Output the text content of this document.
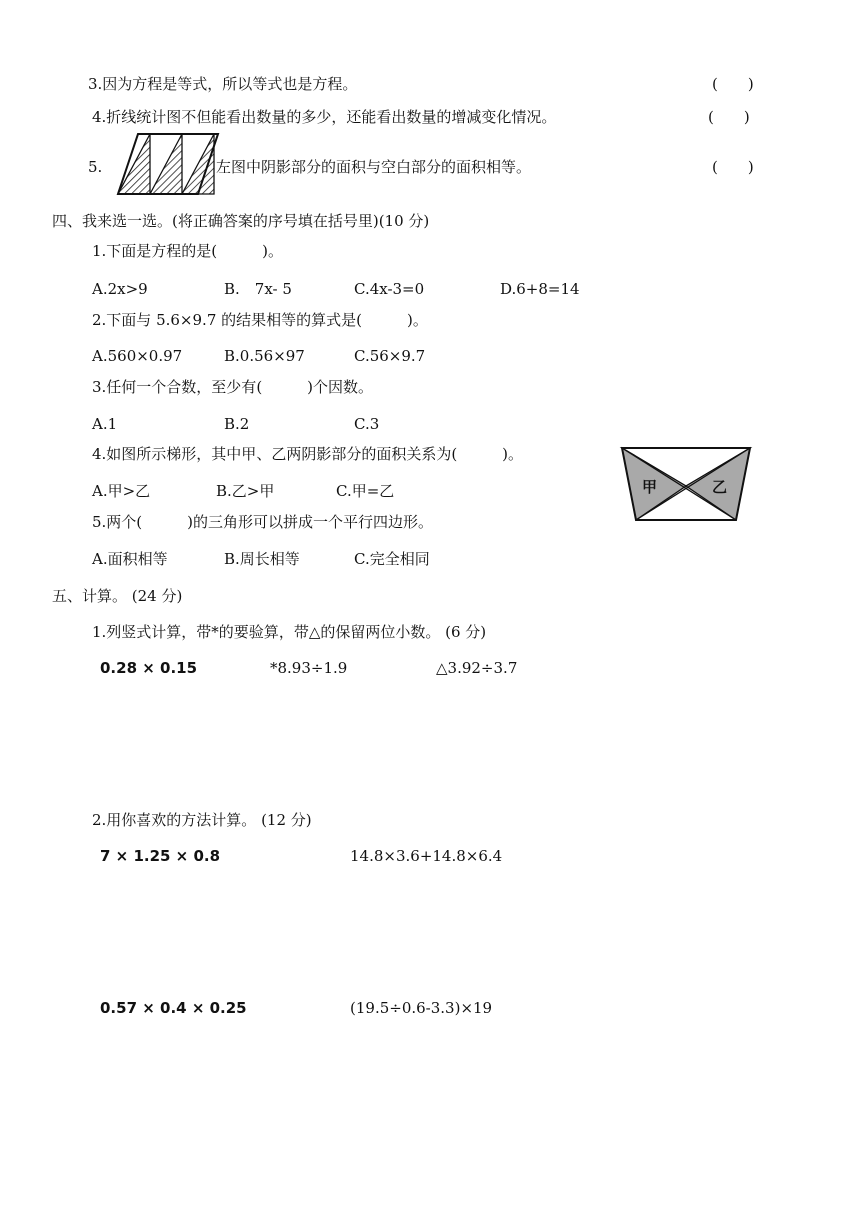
3.因为方程是等式，所以等式也是方程。	(　　)
4.折线统计图不但能看出数量的多少，还能看出数量的增减变化情况。	(　　)
5.	左图中阴影部分的面积与空白部分的面积相等。	(　　)
四、我来选一选。(将正确答案的序号填在括号里)(10 分)
1.下面是方程的是(　　　)。
A.2x>9	B.　7x- 5	C.4x-3=0	D.6+8=14
2.下面与 5.6×9.7 的结果相等的算式是(　　　)。
A.560×0.97	B.0.56×97	C.56×9.7
3.任何一个合数，至少有(　　　)个因数。
A.1	B.2	C.3
4.如图所示梯形，其中甲、乙两阴影部分的面积关系为(　　　)。
A.甲>乙	B.乙>甲	C.甲=乙	甲	乙
5.两个(　　　)的三角形可以拼成一个平行四边形。
A.面积相等	B.周长相等	C.完全相同
五、计算。 (24 分)
1.列竖式计算，带*的要验算，带△的保留两位小数。 (6 分)
0.28 × 0.15	*8.93÷1.9	△3.92÷3.7
2.用你喜欢的方法计算。 (12 分)
7 × 1.25 × 0.8	14.8×3.6+14.8×6.4
0.57 × 0.4 × 0.25	(19.5÷0.6-3.3)×19
